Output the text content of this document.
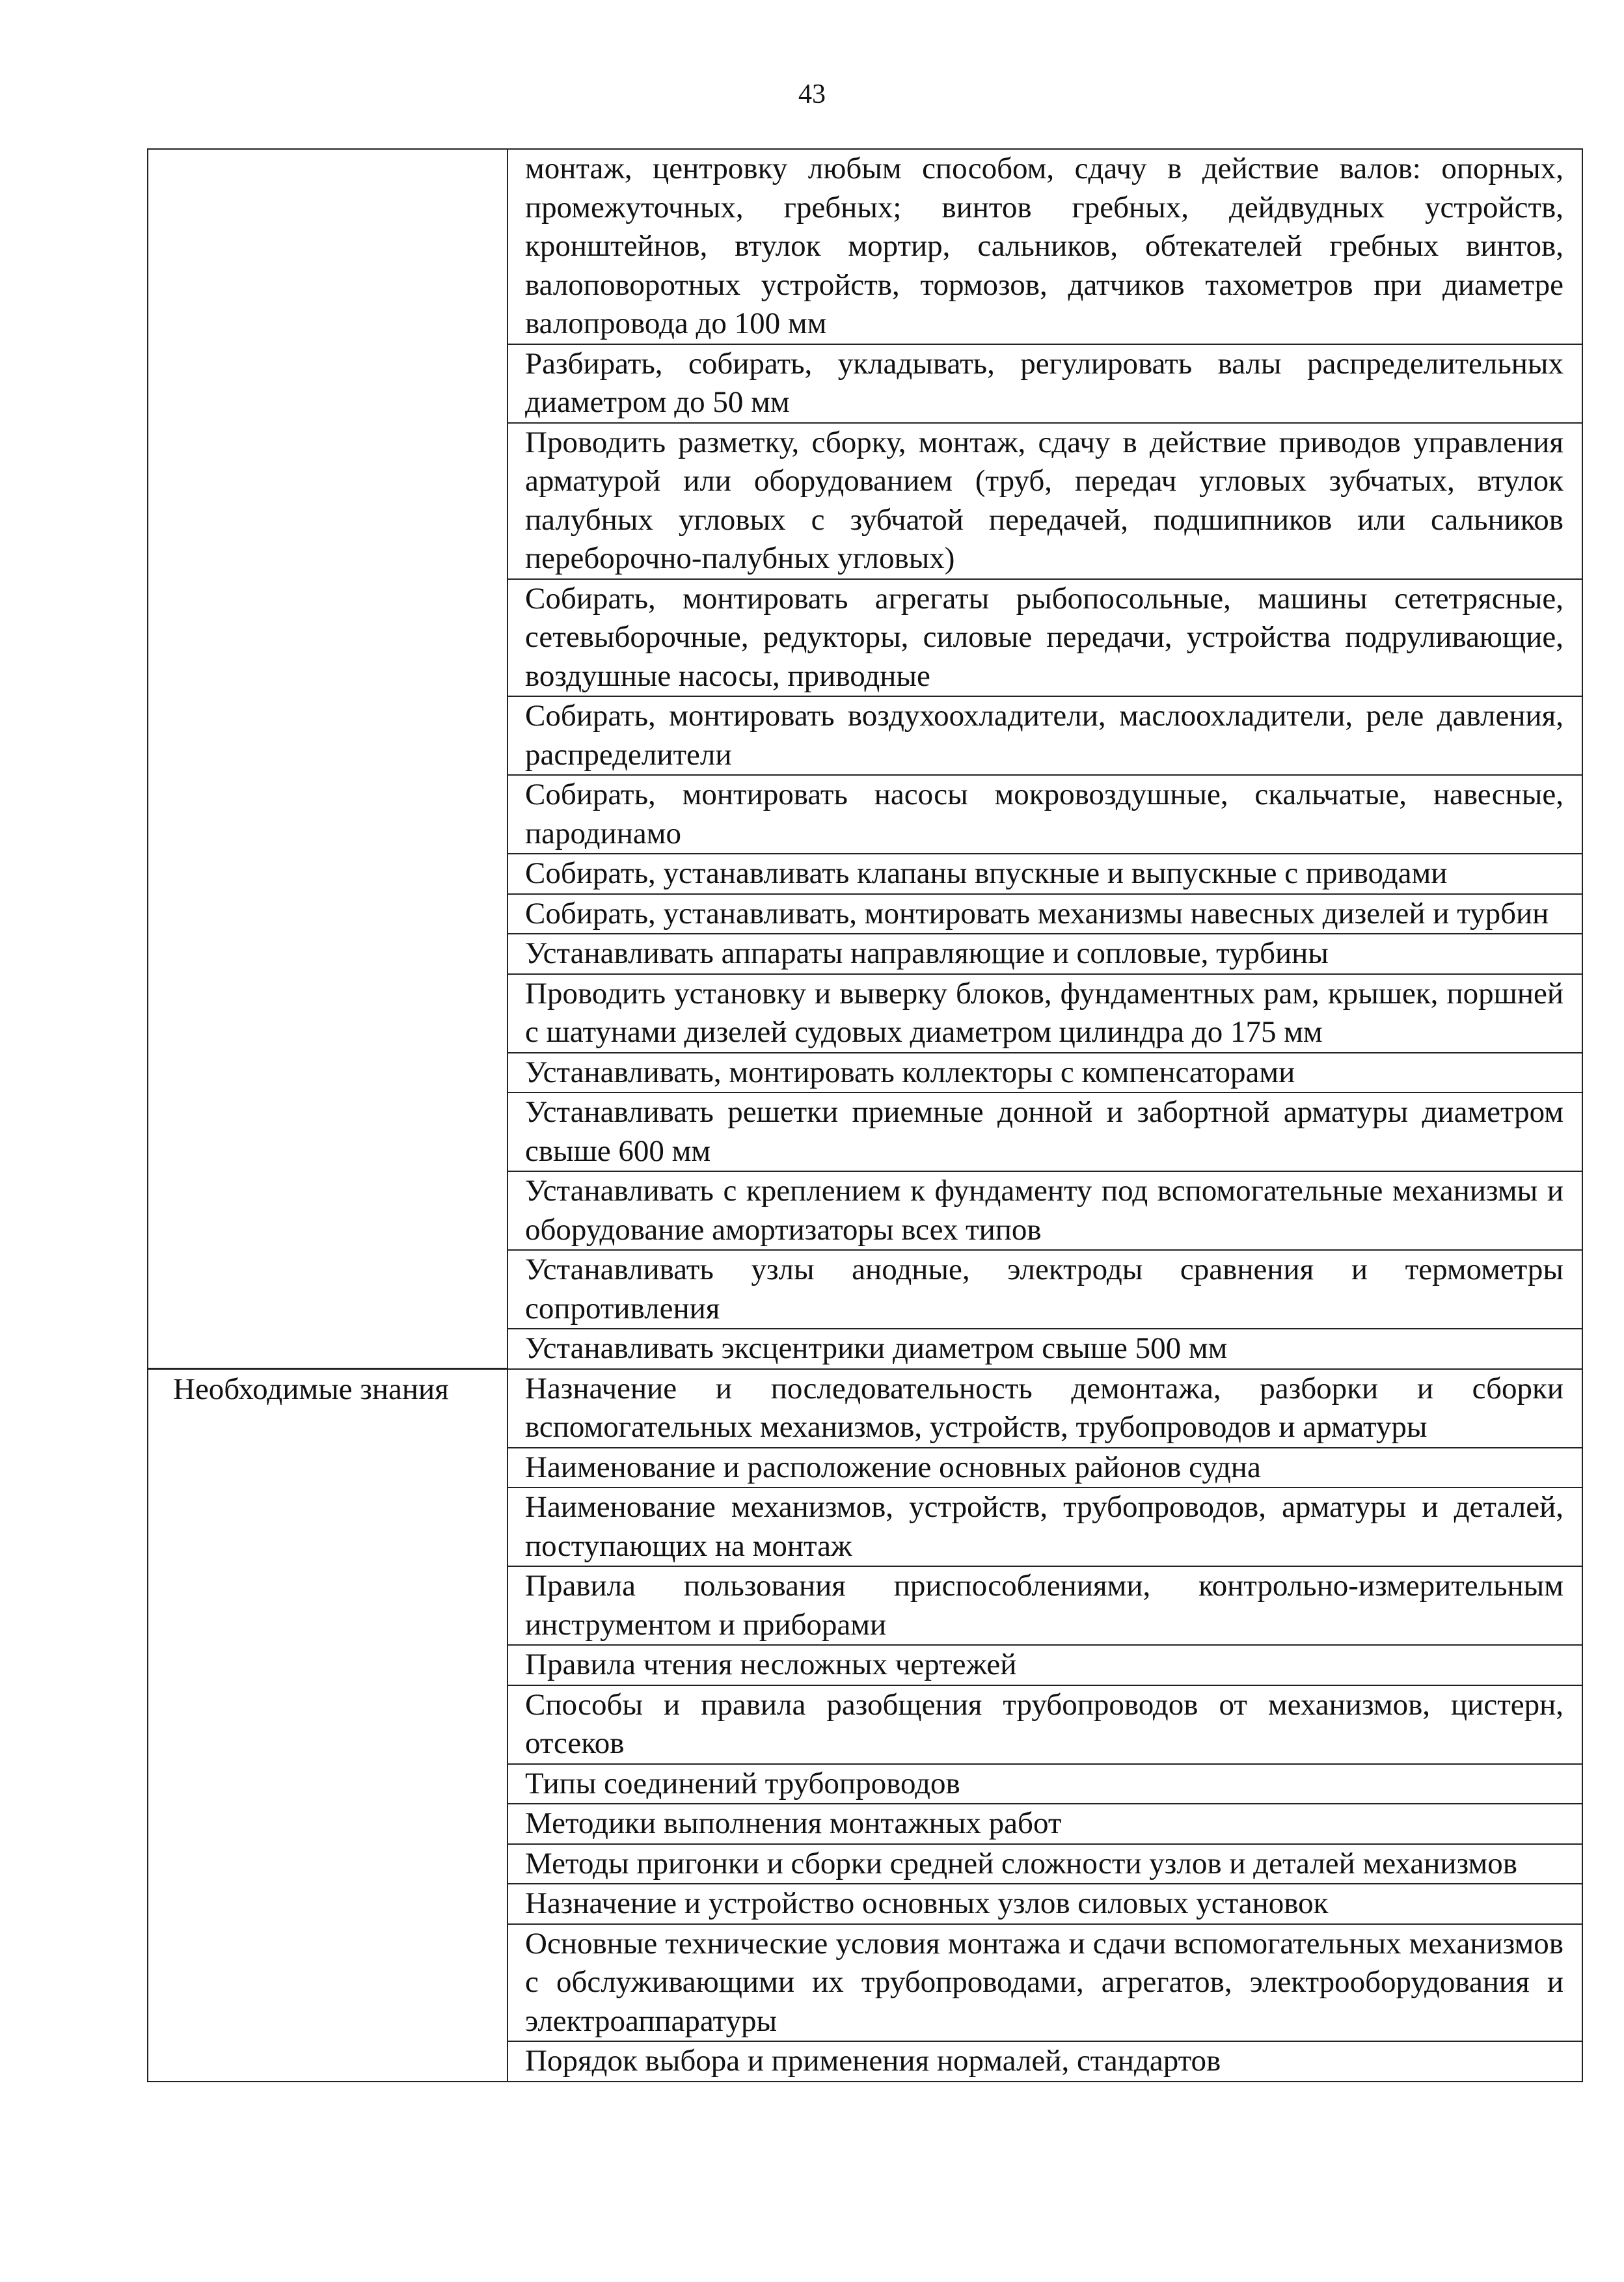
43

	монтаж, центровку любым способом, сдачу в действие валов: опорных, промежуточных, гребных; винтов гребных, дейдвудных устройств, кронштейнов, втулок мортир, сальников, обтекателей гребных винтов, валоповоротных устройств, тормозов, датчиков тахометров при диаметре валопровода до 100 мм

	Разбирать, собирать, укладывать, регулировать валы распределительных диаметром до 50 мм

	Проводить разметку, сборку, монтаж, сдачу в действие приводов управления арматурой или оборудованием (труб, передач угловых зубчатых, втулок палубных угловых с зубчатой передачей, подшипников или сальников переборочно-палубных угловых)

	Собирать, монтировать агрегаты рыбопосольные, машины сететрясные, сетевыборочные, редукторы, силовые передачи, устройства подруливающие, воздушные насосы, приводные

	Собирать, монтировать воздухоохладители, маслоохладители, реле давления, распределители

	Собирать, монтировать насосы мокровоздушные, скальчатые, навесные, пародинамо

	Собирать, устанавливать клапаны впускные и выпускные с приводами

	Собирать, устанавливать, монтировать механизмы навесных дизелей и турбин

	Устанавливать аппараты направляющие и сопловые, турбины

	Проводить установку и выверку блоков, фундаментных рам, крышек, поршней с шатунами дизелей судовых диаметром цилиндра до 175 мм

	Устанавливать, монтировать коллекторы с компенсаторами

	Устанавливать решетки приемные донной и забортной арматуры диаметром свыше 600 мм

	Устанавливать с креплением к фундаменту под вспомогательные механизмы и оборудование амортизаторы всех типов

	Устанавливать узлы анодные, электроды сравнения и термометры сопротивления

	Устанавливать эксцентрики диаметром свыше 500 мм

Необходимые знания	Назначение и последовательность демонтажа, разборки и сборки вспомогательных механизмов, устройств, трубопроводов и арматуры

	Наименование и расположение основных районов судна

	Наименование механизмов, устройств, трубопроводов, арматуры и деталей, поступающих на монтаж

	Правила пользования приспособлениями, контрольно-измерительным инструментом и приборами

	Правила чтения несложных чертежей

	Способы и правила разобщения трубопроводов от механизмов, цистерн, отсеков

	Типы соединений трубопроводов

	Методики выполнения монтажных работ

	Методы пригонки и сборки средней сложности узлов и деталей механизмов

	Назначение и устройство основных узлов силовых установок

	Основные технические условия монтажа и сдачи вспомогательных механизмов с обслуживающими их трубопроводами, агрегатов, электрооборудования и электроаппаратуры

	Порядок выбора и применения нормалей, стандартов
